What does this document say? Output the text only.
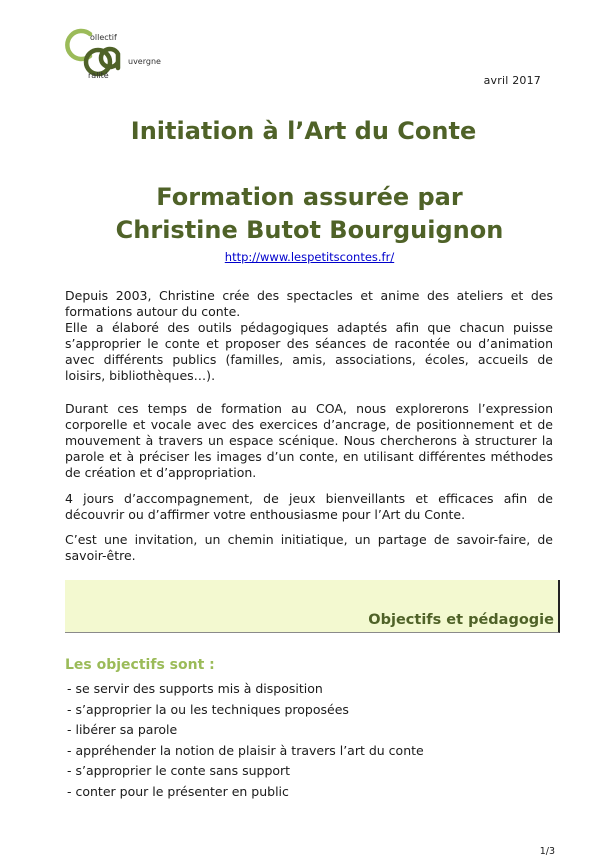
ollectif
uvergne
ralité	avril 2017
Initiation à l’Art du Conte
Formation assurée par
Christine Butot Bourguignon
http://www.lespetitscontes.fr/

Depuis 2003, Christine crée des spectacles et anime des ateliers et des formations autour du conte.

Elle a élaboré des outils pédagogiques adaptés afin que chacun puisse s’approprier le conte et proposer des séances de racontée ou d’animation avec différents publics (familles, amis, associations, écoles, accueils de loisirs, bibliothèques…).

Durant ces temps de formation au COA, nous explorerons l’expression corporelle et vocale avec des exercices d’ancrage, de positionnement et de mouvement à travers un espace scénique. Nous chercherons à structurer la parole et à préciser les images d’un conte, en utilisant différentes méthodes de création et d’appropriation.

4 jours d’accompagnement, de jeux bienveillants et efficaces afin de découvrir ou d’affirmer votre enthousiasme pour l’Art du Conte.

C’est une invitation, un chemin initiatique, un partage de savoir-faire, de savoir-être.

Objectifs et pédagogie
Les objectifs sont :
- se servir des supports mis à disposition
- s’approprier la ou les techniques proposées
- libérer sa parole
- appréhender la notion de plaisir à travers l’art du conte
- s’approprier le conte sans support
- conter pour le présenter en public
1/3
